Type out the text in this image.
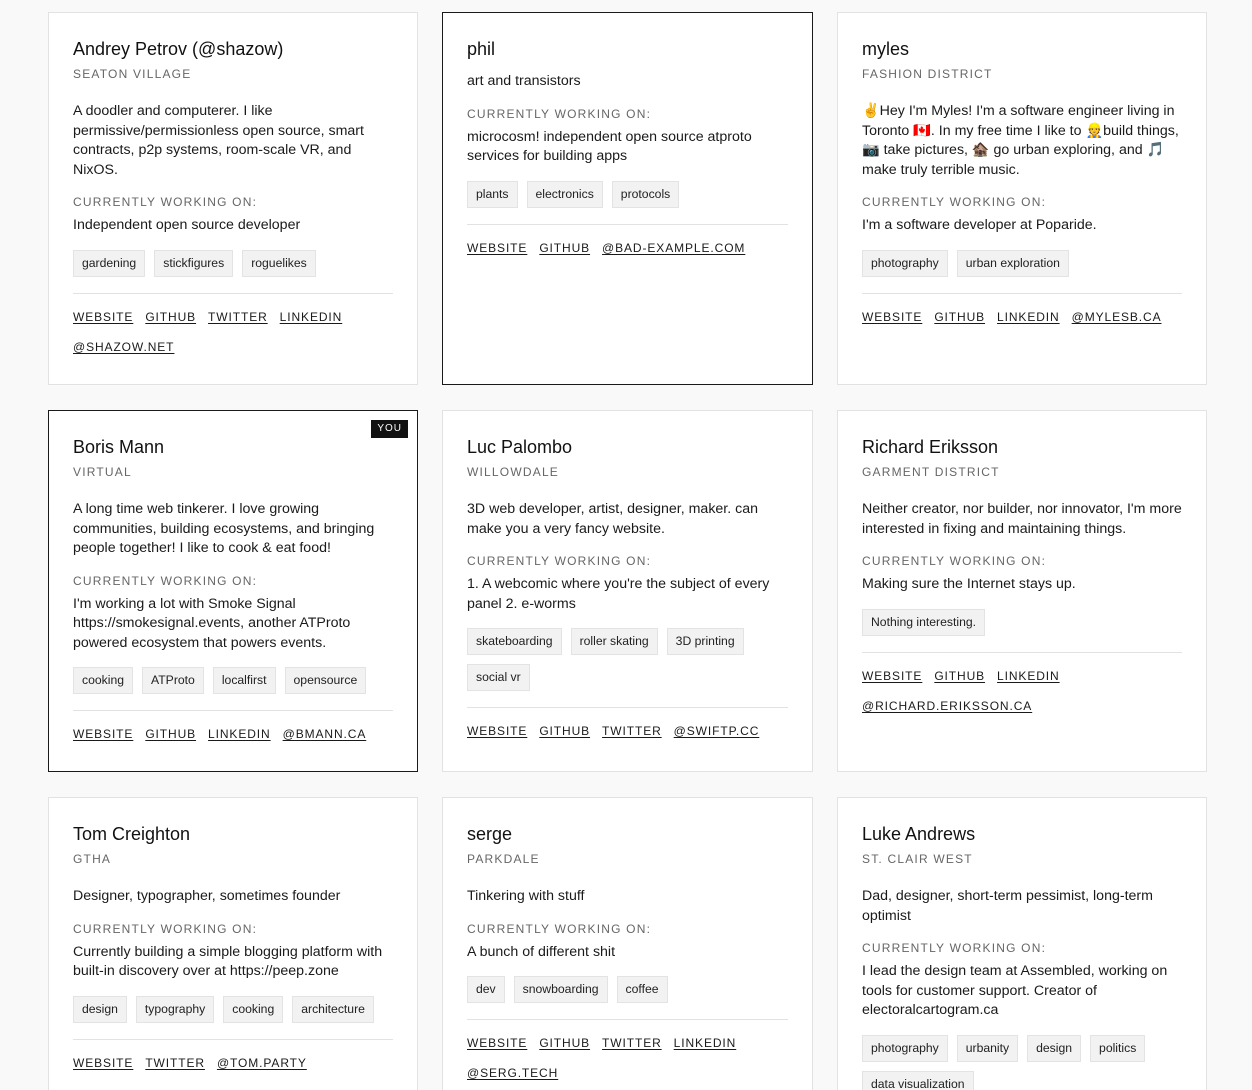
Andrey Petrov (@shazow)
SEATON VILLAGE
A doodler and computerer. I like permissive/permissionless open source, smart contracts, p2p systems, room-scale VR, and NixOS.
CURRENTLY WORKING ON:
Independent open source developer
gardening	stickfigures	roguelikes
WEBSITE GITHUB TWITTER LINKEDIN
@SHAZOW.NET
phil
art and transistors
CURRENTLY WORKING ON:
microcosm! independent open source atproto services for building apps
plants	electronics	protocols
WEBSITE GITHUB @BAD-EXAMPLE.COM
myles
FASHION DISTRICT
✌️Hey I'm Myles! I'm a software engineer living in Toronto 🇨🇦. In my free time I like to 👷build things, 📷 take pictures, 🏚️ go urban exploring, and 🎵 make truly terrible music.
CURRENTLY WORKING ON:
I'm a software developer at Poparide.
photography	urban exploration
WEBSITE GITHUB LINKEDIN @MYLESB.CA
YOU
Boris Mann
VIRTUAL
A long time web tinkerer. I love growing communities, building ecosystems, and bringing people together! I like to cook & eat food!
CURRENTLY WORKING ON:
I'm working a lot with Smoke Signal https://smokesignal.events, another ATProto powered ecosystem that powers events.
cooking	ATProto	localfirst	opensource
WEBSITE GITHUB LINKEDIN @BMANN.CA
Luc Palombo
WILLOWDALE
3D web developer, artist, designer, maker. can make you a very fancy website.
CURRENTLY WORKING ON:
1. A webcomic where you're the subject of every panel 2. e-worms
skateboarding	roller skating	3D printing
social vr
WEBSITE GITHUB TWITTER @SWIFTP.CC
Richard Eriksson
GARMENT DISTRICT
Neither creator, nor builder, nor innovator, I'm more interested in fixing and maintaining things.
CURRENTLY WORKING ON:
Making sure the Internet stays up.
Nothing interesting.
WEBSITE GITHUB LINKEDIN
@RICHARD.ERIKSSON.CA
Tom Creighton
GTHA
Designer, typographer, sometimes founder
CURRENTLY WORKING ON:
Currently building a simple blogging platform with built-in discovery over at https://peep.zone
design	typography	cooking	architecture
WEBSITE TWITTER @TOM.PARTY
serge
PARKDALE
Tinkering with stuff
CURRENTLY WORKING ON:
A bunch of different shit
dev	snowboarding	coffee
WEBSITE GITHUB TWITTER LINKEDIN
@SERG.TECH
Luke Andrews
ST. CLAIR WEST
Dad, designer, short-term pessimist, long-term optimist
CURRENTLY WORKING ON:
I lead the design team at Assembled, working on tools for customer support. Creator of electoralcartogram.ca
photography	urbanity	design	politics
data visualization
